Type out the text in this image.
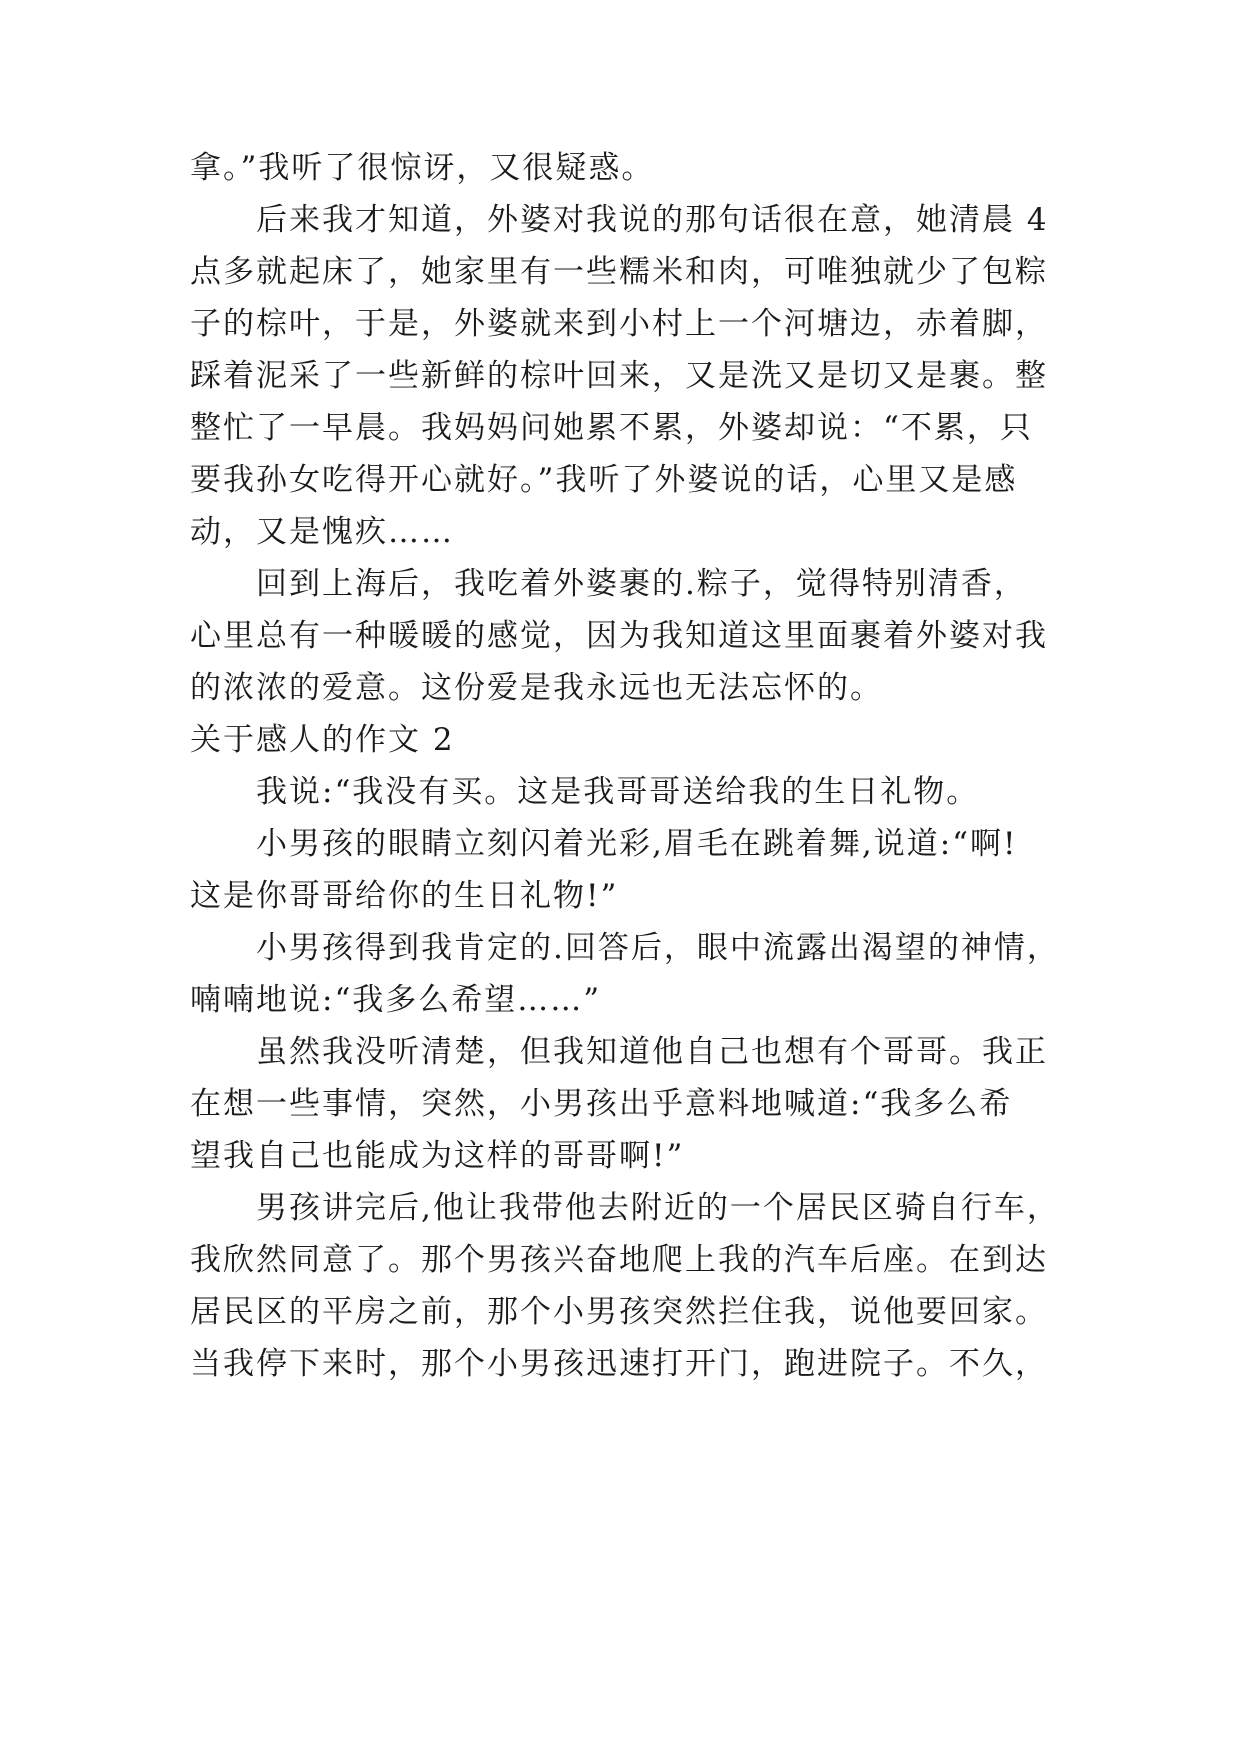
拿。”我听了很惊讶，又很疑惑。
后来我才知道，外婆对我说的那句话很在意，她清晨 4
点多就起床了，她家里有一些糯米和肉，可唯独就少了包粽
子的棕叶，于是，外婆就来到小村上一个河塘边，赤着脚，
踩着泥采了一些新鲜的棕叶回来，又是洗又是切又是裹。整
整忙了一早晨。我妈妈问她累不累，外婆却说：“不累，只
要我孙女吃得开心就好。”我听了外婆说的话，心里又是感
动，又是愧疚……
回到上海后，我吃着外婆裹的.粽子，觉得特别清香，
心里总有一种暖暖的感觉，因为我知道这里面裹着外婆对我
的浓浓的爱意。这份爱是我永远也无法忘怀的。
关于感人的作文 2
我说:“我没有买。这是我哥哥送给我的生日礼物。
小男孩的眼睛立刻闪着光彩,眉毛在跳着舞,说道:“啊!
这是你哥哥给你的生日礼物!”
小男孩得到我肯定的.回答后，眼中流露出渴望的神情，
喃喃地说:“我多么希望……”
虽然我没听清楚，但我知道他自己也想有个哥哥。我正
在想一些事情，突然，小男孩出乎意料地喊道:“我多么希
望我自己也能成为这样的哥哥啊!”
男孩讲完后,他让我带他去附近的一个居民区骑自行车，
我欣然同意了。那个男孩兴奋地爬上我的汽车后座。在到达
居民区的平房之前，那个小男孩突然拦住我，说他要回家。
当我停下来时，那个小男孩迅速打开门，跑进院子。不久，
